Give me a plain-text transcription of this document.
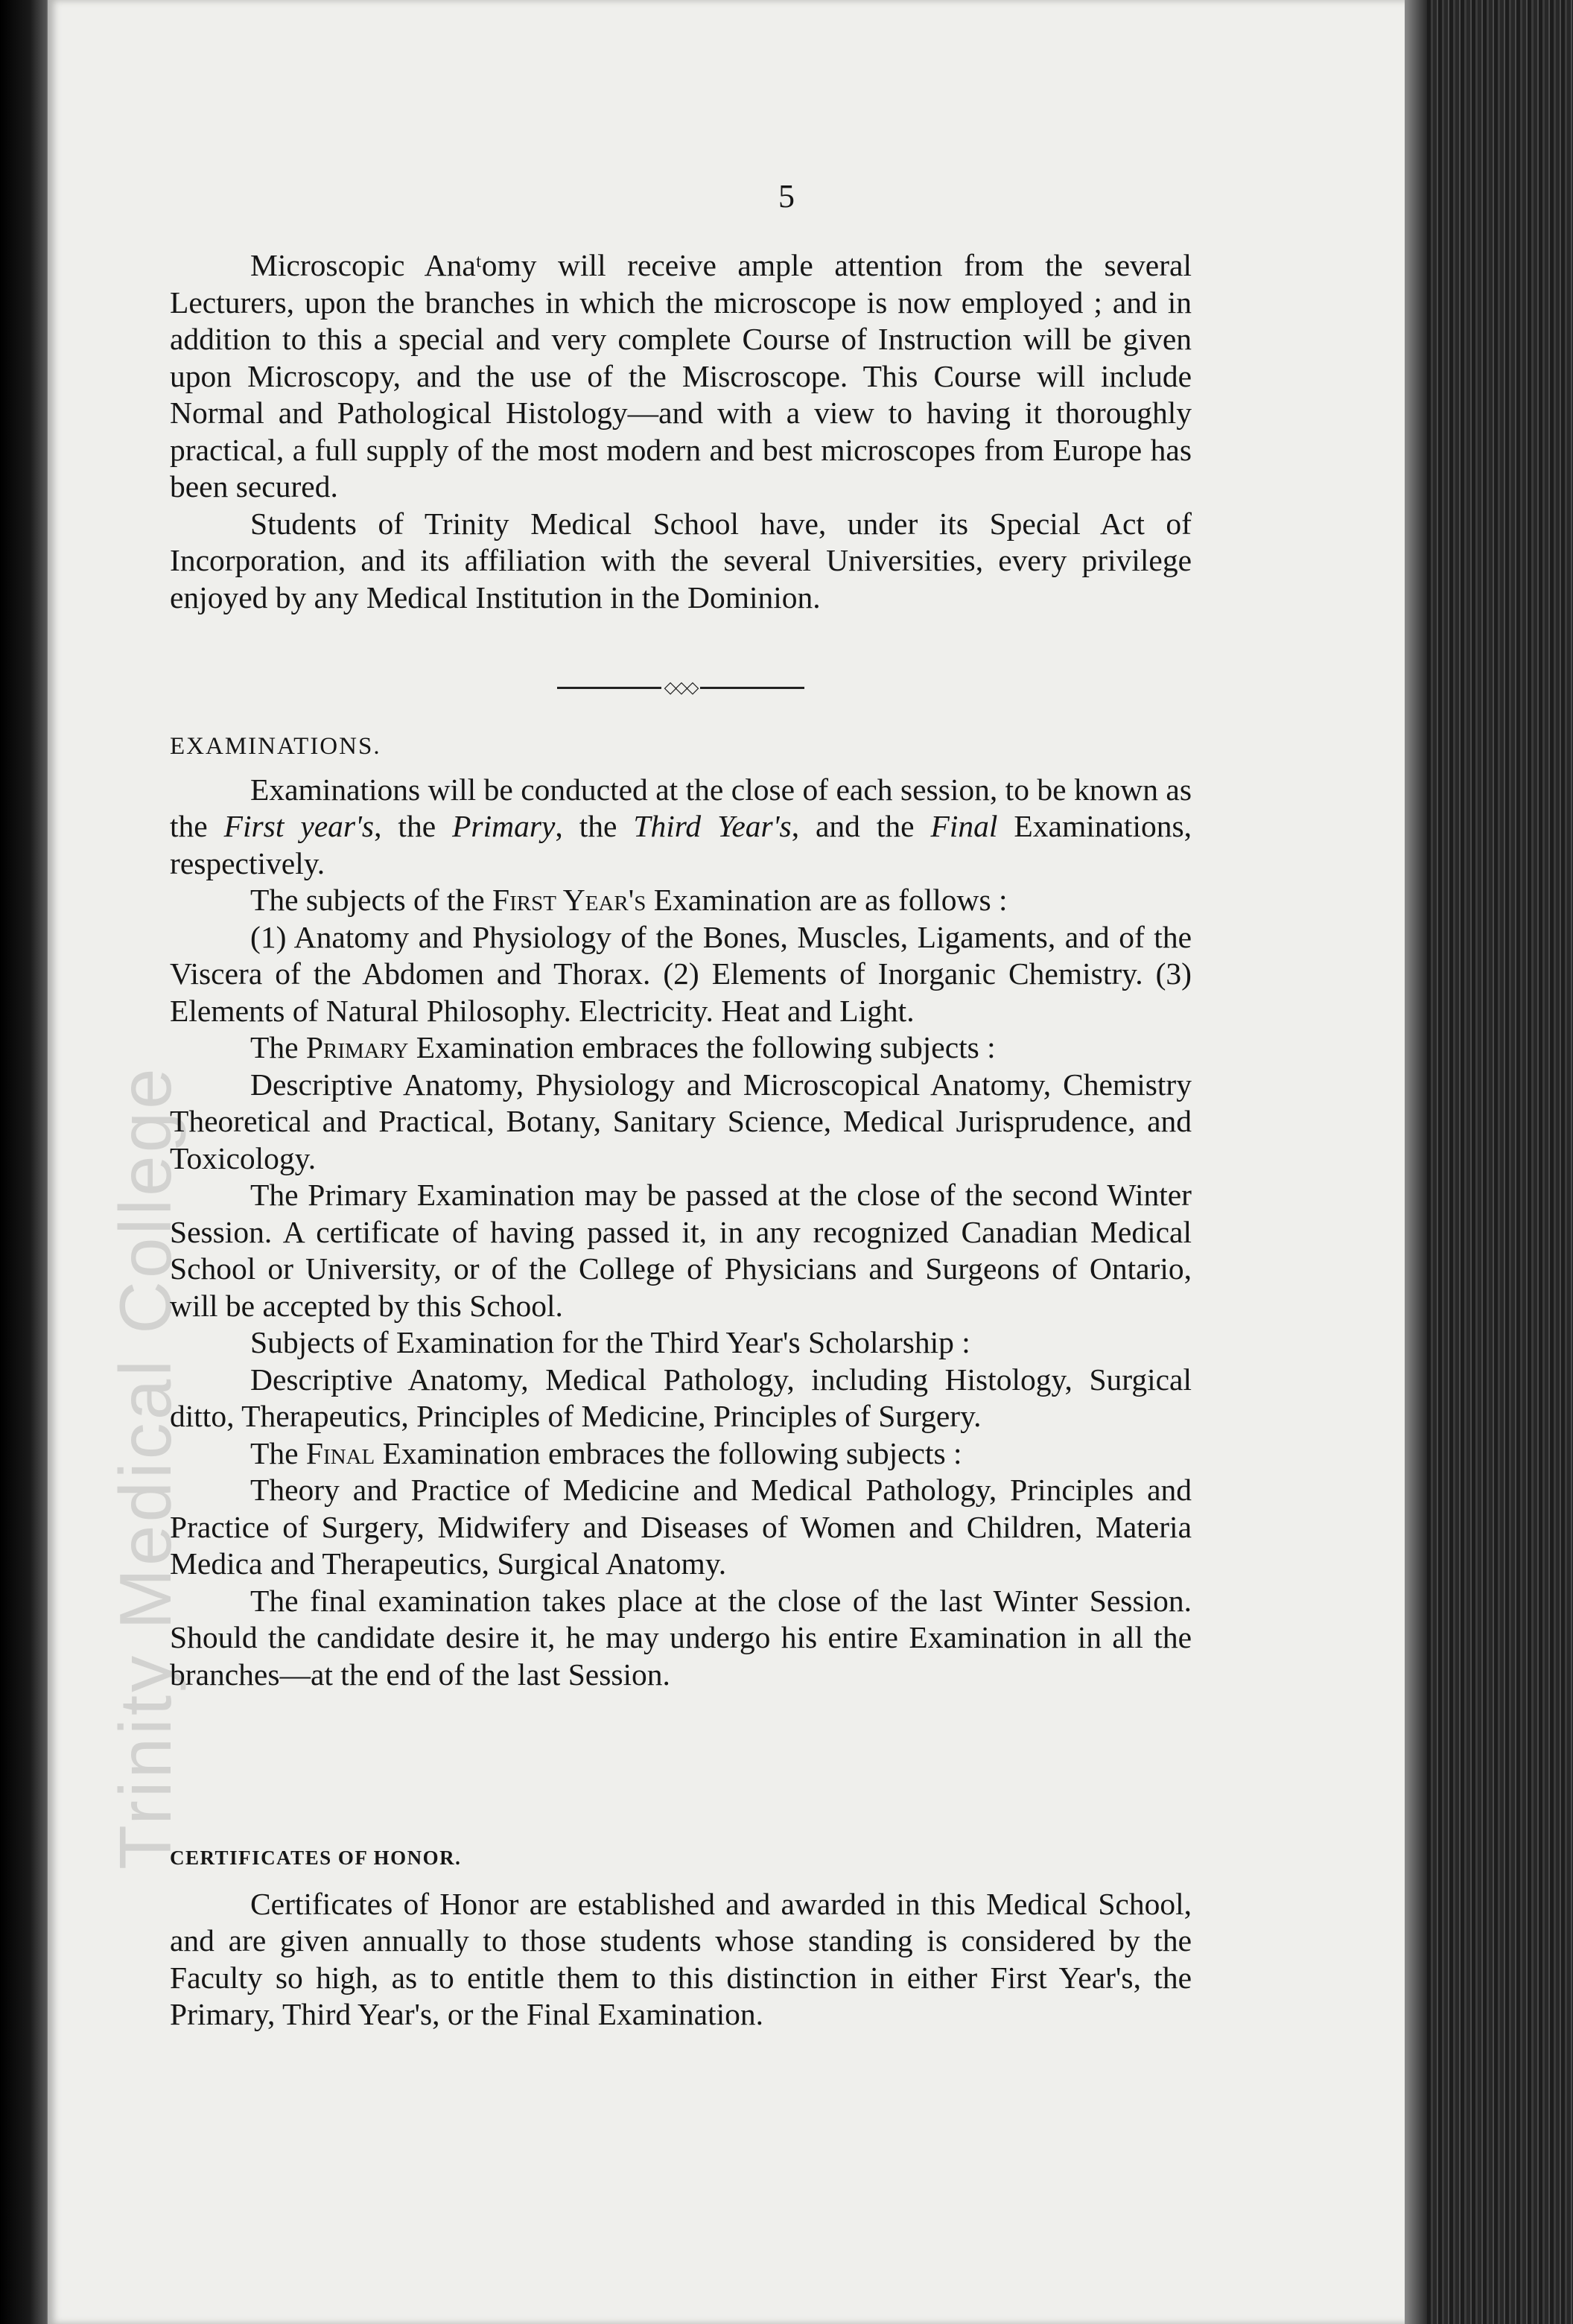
Trinity Medical College
5

Microscopic Anaᵗomy will receive ample attention from the several Lecturers, upon the branches in which the microscope is now employed ; and in addition to this a special and very complete Course of Instruction will be given upon Microscopy, and the use of the Miscroscope. This Course will include Normal and Pathological Histology—and with a view to having it thoroughly practical, a full supply of the most modern and best microscopes from Europe has been secured.

Students of Trinity Medical School have, under its Special Act of Incorporation, and its affiliation with the several Universities, every privilege enjoyed by any Medical Institution in the Dominion.

◇◇◇

EXAMINATIONS.

Examinations will be conducted at the close of each session, to be known as the First year's, the Primary, the Third Year's, and the Final Examinations, respectively.

The subjects of the First Year's Examination are as follows :

(1) Anatomy and Physiology of the Bones, Muscles, Ligaments, and of the Viscera of the Abdomen and Thorax. (2) Elements of Inorganic Chemistry. (3) Elements of Natural Philosophy. Electricity. Heat and Light.

The Primary Examination embraces the following subjects :

Descriptive Anatomy, Physiology and Microscopical Anatomy, Chemistry Theoretical and Practical, Botany, Sanitary Science, Medical Jurisprudence, and Toxicology.

The Primary Examination may be passed at the close of the second Winter Session. A certificate of having passed it, in any recognized Canadian Medical School or University, or of the College of Physicians and Surgeons of Ontario, will be accepted by this School.

Subjects of Examination for the Third Year's Scholarship :

Descriptive Anatomy, Medical Pathology, including Histology, Surgical ditto, Therapeutics, Principles of Medicine, Principles of Surgery.

The Final Examination embraces the following subjects :

Theory and Practice of Medicine and Medical Pathology, Principles and Practice of Surgery, Midwifery and Diseases of Women and Children, Materia Medica and Therapeutics, Surgical Anatomy.

The final examination takes place at the close of the last Winter Session. Should the candidate desire it, he may undergo his entire Examination in all the branches—at the end of the last Session.

CERTIFICATES OF HONOR.

Certificates of Honor are established and awarded in this Medical School, and are given annually to those students whose standing is considered by the Faculty so high, as to entitle them to this distinction in either First Year's, the Primary, Third Year's, or the Final Examination.
